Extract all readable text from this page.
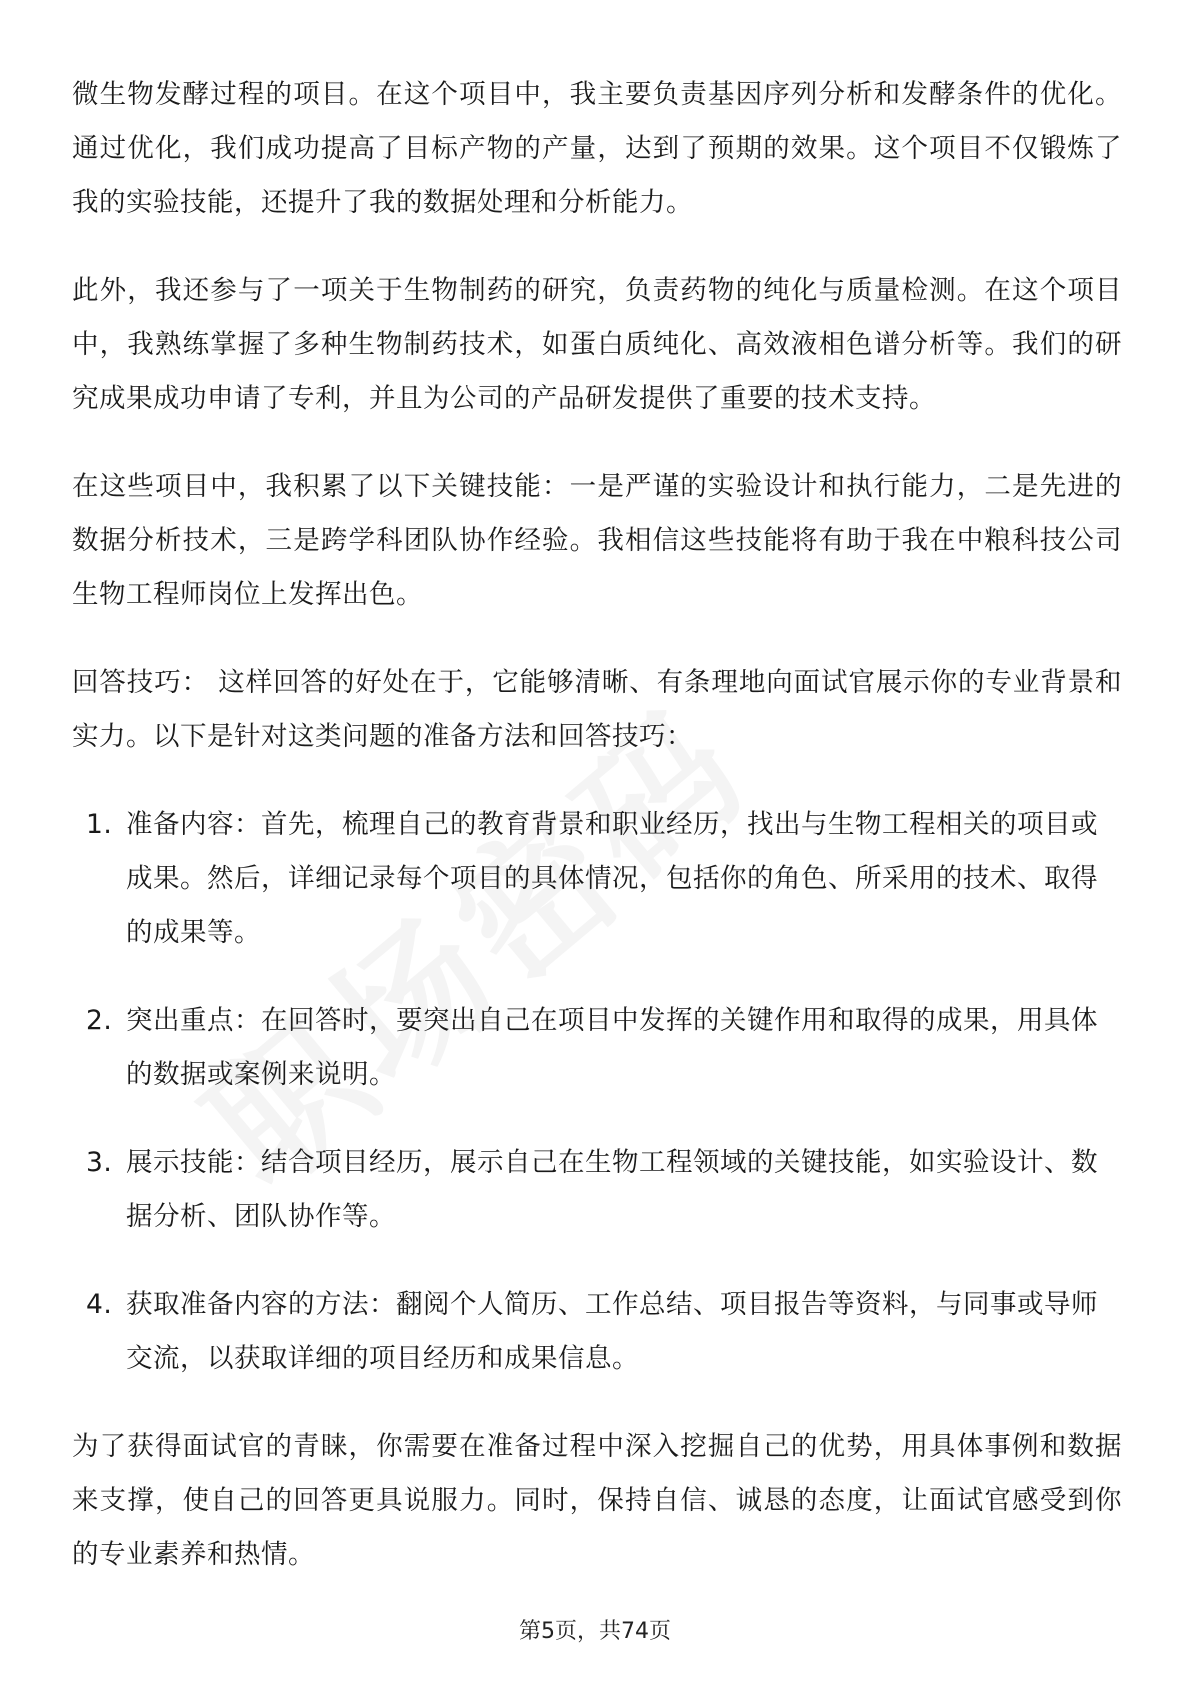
微生物发酵过程的项目。在这个项目中，我主要负责基因序列分析和发酵条件的优化。通过优化，我们成功提高了目标产物的产量，达到了预期的效果。这个项目不仅锻炼了我的实验技能，还提升了我的数据处理和分析能力。

此外，我还参与了一项关于生物制药的研究，负责药物的纯化与质量检测。在这个项目中，我熟练掌握了多种生物制药技术，如蛋白质纯化、高效液相色谱分析等。我们的研究成果成功申请了专利，并且为公司的产品研发提供了重要的技术支持。

在这些项目中，我积累了以下关键技能：一是严谨的实验设计和执行能力，二是先进的数据分析技术，三是跨学科团队协作经验。我相信这些技能将有助于我在中粮科技公司生物工程师岗位上发挥出色。

回答技巧： 这样回答的好处在于，它能够清晰、有条理地向面试官展示你的专业背景和实力。以下是针对这类问题的准备方法和回答技巧：

1. 准备内容：首先，梳理自己的教育背景和职业经历，找出与生物工程相关的项目或成果。然后，详细记录每个项目的具体情况，包括你的角色、所采用的技术、取得的成果等。
2. 突出重点：在回答时，要突出自己在项目中发挥的关键作用和取得的成果，用具体的数据或案例来说明。
3. 展示技能：结合项目经历，展示自己在生物工程领域的关键技能，如实验设计、数据分析、团队协作等。
4. 获取准备内容的方法：翻阅个人简历、工作总结、项目报告等资料，与同事或导师交流，以获取详细的项目经历和成果信息。

为了获得面试官的青睐，你需要在准备过程中深入挖掘自己的优势，用具体事例和数据来支撑，使自己的回答更具说服力。同时，保持自信、诚恳的态度，让面试官感受到你的专业素养和热情。

第5页，共74页
